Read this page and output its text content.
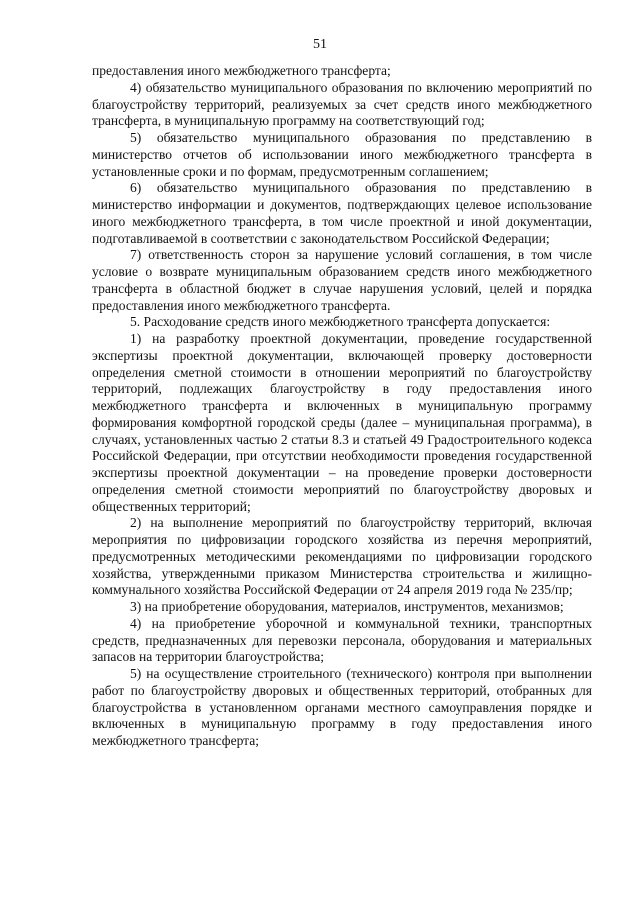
51

предоставления иного межбюджетного трансферта;

4) обязательство муниципального образования по включению мероприятий по благоустройству территорий, реализуемых за счет средств иного межбюджетного трансферта, в муниципальную программу на соответствующий год;

5) обязательство муниципального образования по представлению в министерство отчетов об использовании иного межбюджетного трансферта в установленные сроки и по формам, предусмотренным соглашением;

6) обязательство муниципального образования по представлению в министерство информации и документов, подтверждающих целевое использование иного межбюджетного трансферта, в том числе проектной и иной документации, подготавливаемой в соответствии с законодательством Российской Федерации;

7) ответственность сторон за нарушение условий соглашения, в том числе условие о возврате муниципальным образованием средств иного межбюджетного трансферта в областной бюджет в случае нарушения условий, целей и порядка предоставления иного межбюджетного трансферта.

5. Расходование средств иного межбюджетного трансферта допускается:

1) на разработку проектной документации, проведение государственной экспертизы проектной документации, включающей проверку достоверности определения сметной стоимости в отношении мероприятий по благоустройству территорий, подлежащих благоустройству в году предоставления иного межбюджетного трансферта и включенных в муниципальную программу формирования комфортной городской среды (далее – муниципальная программа), в случаях, установленных частью 2 статьи 8.3 и статьей 49 Градостроительного кодекса Российской Федерации, при отсутствии необходимости проведения государственной экспертизы проектной документации – на проведение проверки достоверности определения сметной стоимости мероприятий по благоустройству дворовых и общественных территорий;

2) на выполнение мероприятий по благоустройству территорий, включая мероприятия по цифровизации городского хозяйства из перечня мероприятий, предусмотренных методическими рекомендациями по цифровизации городского хозяйства, утвержденными приказом Министерства строительства и жилищно-коммунального хозяйства Российской Федерации от 24 апреля 2019 года № 235/пр;

3) на приобретение оборудования, материалов, инструментов, механизмов;

4) на приобретение уборочной и коммунальной техники, транспортных средств, предназначенных для перевозки персонала, оборудования и материальных запасов на территории благоустройства;

5) на осуществление строительного (технического) контроля при выполнении работ по благоустройству дворовых и общественных территорий, отобранных для благоустройства в установленном органами местного самоуправления порядке и включенных в муниципальную программу в году предоставления иного межбюджетного трансферта;
